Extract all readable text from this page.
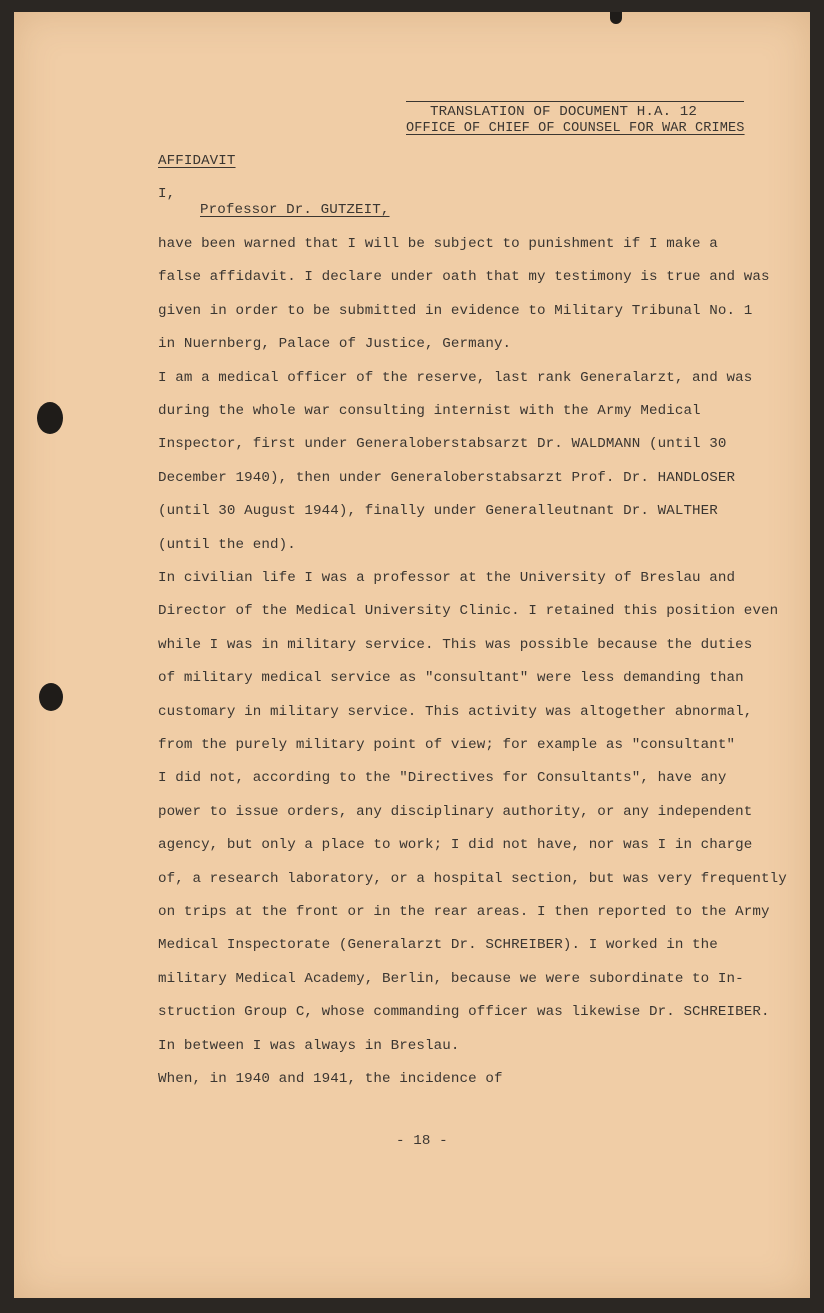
TRANSLATION OF DOCUMENT H.A. 12
OFFICE OF CHIEF OF COUNSEL FOR WAR CRIMES
AFFIDAVIT
I,
Professor Dr. GUTZEIT,
have been warned that I will be subject to punishment if I make a
false affidavit. I declare under oath that my testimony is true and was
given in order to be submitted in evidence to Military Tribunal No. 1
in Nuernberg, Palace of Justice, Germany.
I am a medical officer of the reserve, last rank Generalarzt, and was
during the whole war consulting internist with the Army Medical
Inspector, first under Generaloberstabsarzt Dr. WALDMANN (until 30
December 1940), then under Generaloberstabsarzt Prof. Dr. HANDLOSER
(until 30 August 1944), finally under Generalleutnant Dr. WALTHER
(until the end).
In civilian life I was a professor at the University of Breslau and
Director of the Medical University Clinic. I retained this position even
while I was in military service. This was possible because the duties
of military medical service as "consultant" were less demanding than
customary in military service. This activity was altogether abnormal,
from the purely military point of view; for example as "consultant"
I did not, according to the "Directives for Consultants", have any
power to issue orders, any disciplinary authority, or any independent
agency, but only a place to work; I did not have, nor was I in charge
of, a research laboratory, or a hospital section, but was very frequently
on trips at the front or in the rear areas. I then reported to the Army
Medical Inspectorate (Generalarzt Dr. SCHREIBER). I worked in the
military Medical Academy, Berlin, because we were subordinate to In-
struction Group C, whose commanding officer was likewise Dr. SCHREIBER.
In between I was always in Breslau.
When, in 1940 and 1941, the incidence of
- 18 -
